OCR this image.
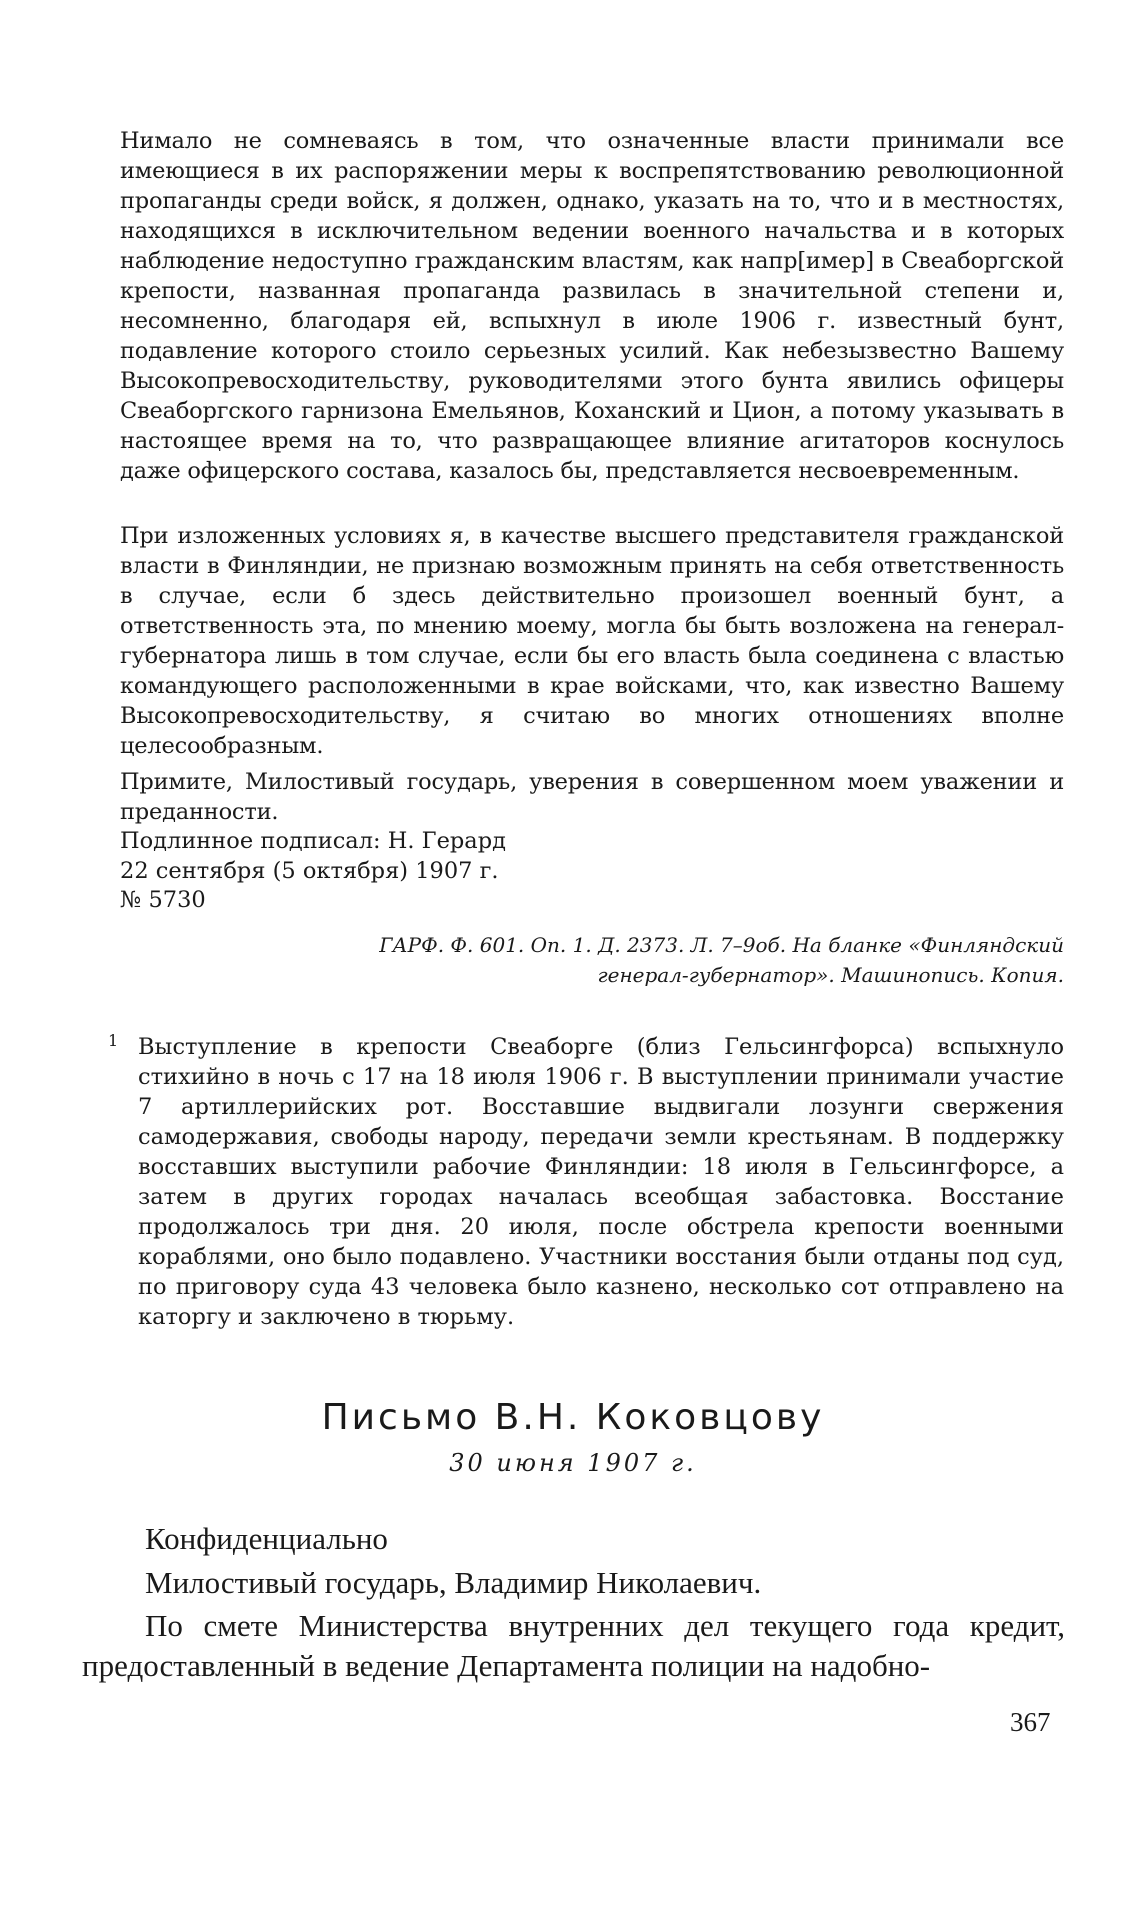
Нимало не сомневаясь в том, что означенные власти принимали все имеющиеся в их распоряжении меры к воспрепятствованию революционной пропаганды среди войск, я должен, однако, указать на то, что и в местностях, находящихся в исключительном ведении военного начальства и в которых наблюдение недоступно гражданским властям, как напр[имер] в Свеаборгской крепости, названная пропаганда развилась в значительной степени и, несомненно, благодаря ей, вспыхнул в июле 1906 г. известный бунт, подавление которого стоило серьезных усилий. Как небезызвестно Вашему Высокопревосходительству, руководителями этого бунта явились офицеры Свеаборгского гарнизона Емельянов, Коханский и Цион, а потому указывать в настоящее время на то, что развращающее влияние агитаторов коснулось даже офицерского состава, казалось бы, представляется несвоевременным.

При изложенных условиях я, в качестве высшего представителя гражданской власти в Финляндии, не признаю возможным принять на себя ответственность в случае, если б здесь действительно произошел военный бунт, а ответственность эта, по мнению моему, могла бы быть возложена на генерал-губернатора лишь в том случае, если бы его власть была соединена с властью командующего расположенными в крае войсками, что, как известно Вашему Высокопревосходительству, я считаю во многих отношениях вполне целесообразным.

Примите, Милостивый государь, уверения в совершенном моем уважении и преданности.

Подлинное подписал: Н. Герард
22 сентября (5 октября) 1907 г.
№ 5730
ГАРФ. Ф. 601. Оп. 1. Д. 2373. Л. 7–9об. На бланке «Финляндский
генерал-губернатор». Машинопись. Копия.
1 Выступление в крепости Свеаборге (близ Гельсингфорса) вспыхнуло стихийно в ночь с 17 на 18 июля 1906 г. В выступлении принимали участие 7 артиллерийских рот. Восставшие выдвигали лозунги свержения самодержавия, свободы народу, передачи земли крестьянам. В поддержку восставших выступили рабочие Финляндии: 18 июля в Гельсингфорсе, а затем в других городах началась всеобщая забастовка. Восстание продолжалось три дня. 20 июля, после обстрела крепости военными кораблями, оно было подавлено. Участники восстания были отданы под суд, по приговору суда 43 человека было казнено, несколько сот отправлено на каторгу и заключено в тюрьму.

Письмо В.Н. Коковцову
30 июня 1907 г.
Конфиденциально
Милостивый государь, Владимир Николаевич.

По смете Министерства внутренних дел текущего года кредит, предоставленный в ведение Департамента полиции на надобно-

367
